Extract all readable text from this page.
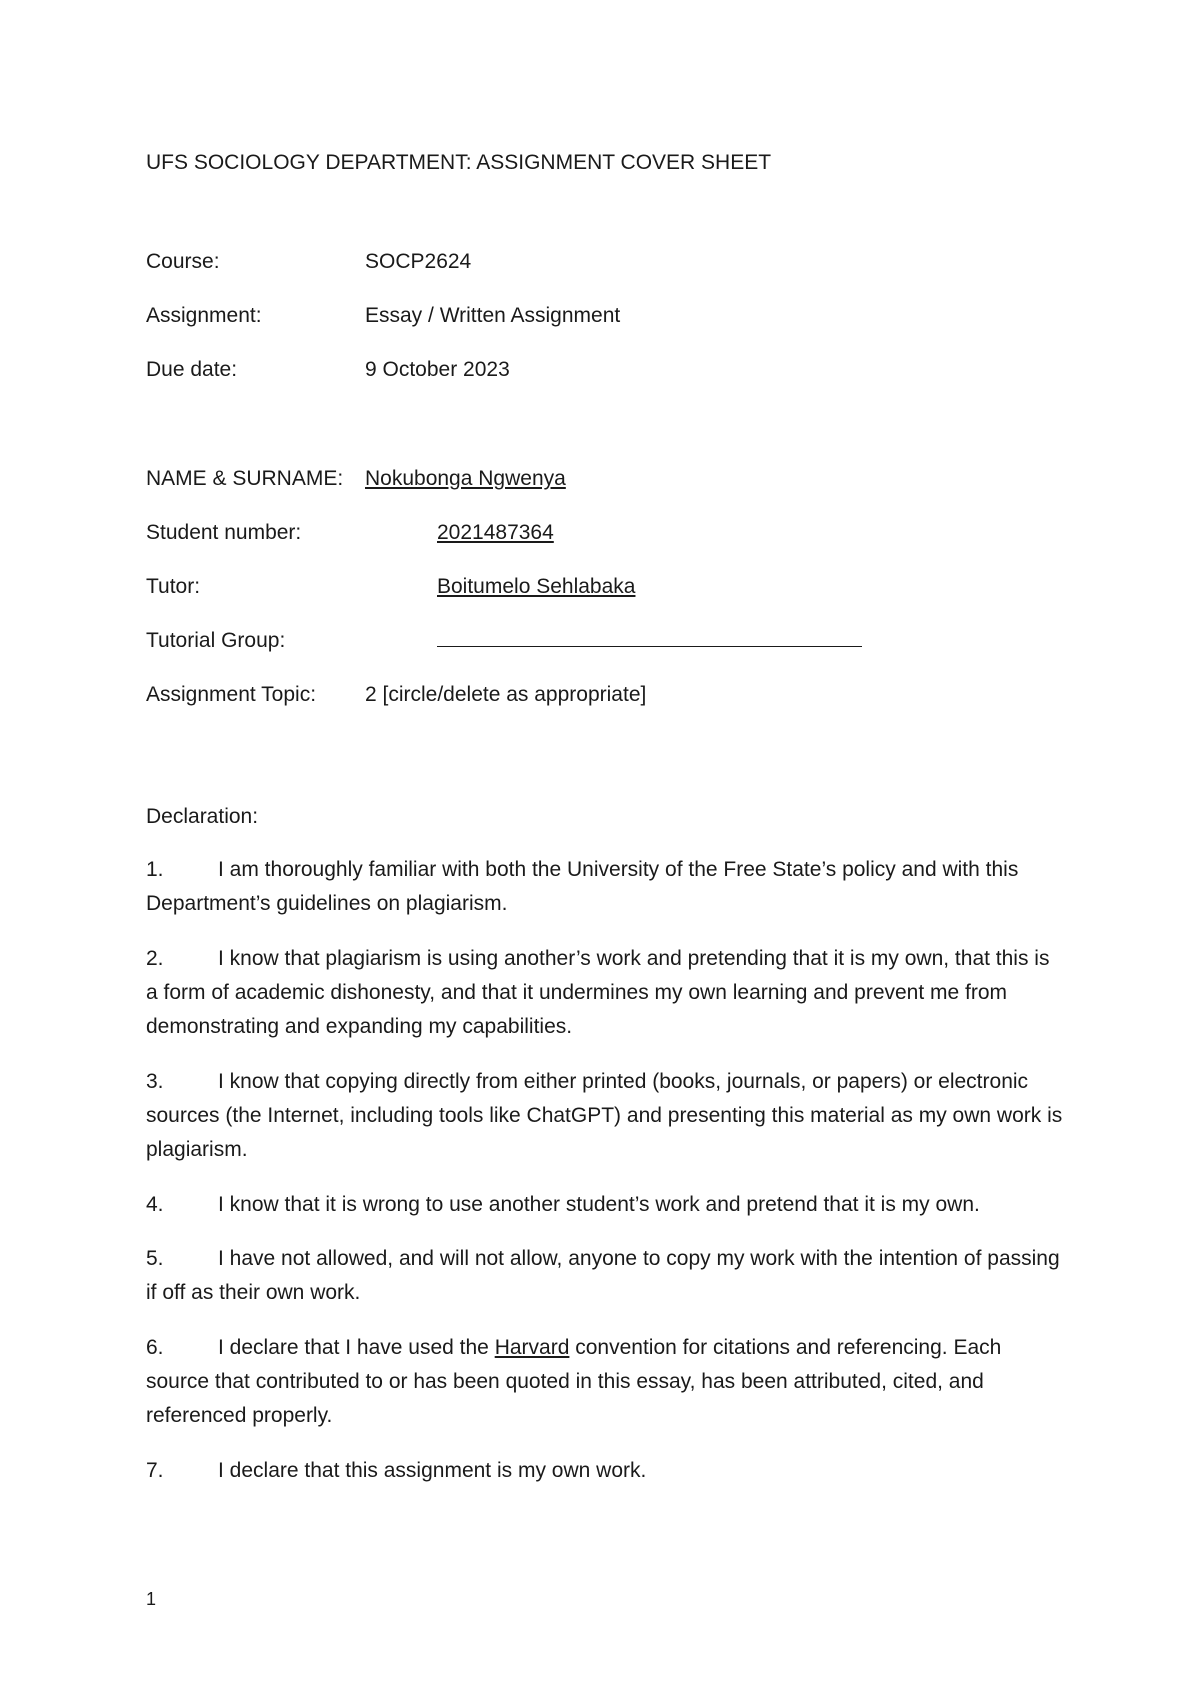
UFS SOCIOLOGY DEPARTMENT: ASSIGNMENT COVER SHEET
Course:	SOCP2624
Assignment:	Essay / Written Assignment
Due date:	9 October 2023
NAME & SURNAME: Nokubonga Ngwenya
Student number:	2021487364
Tutor:	Boitumelo Sehlabaka
Tutorial Group:
Assignment Topic: 2 [circle/delete as appropriate]
Declaration:

1.	I am thoroughly familiar with both the University of the Free State’s policy and with this Department’s guidelines on plagiarism.

2.	I know that plagiarism is using another’s work and pretending that it is my own, that this is a form of academic dishonesty, and that it undermines my own learning and prevent me from demonstrating and expanding my capabilities.

3.	I know that copying directly from either printed (books, journals, or papers) or electronic sources (the Internet, including tools like ChatGPT) and presenting this material as my own work is plagiarism.

4.	I know that it is wrong to use another student’s work and pretend that it is my own.

5.	I have not allowed, and will not allow, anyone to copy my work with the intention of passing if off as their own work.

6.	I declare that I have used the Harvard convention for citations and referencing. Each source that contributed to or has been quoted in this essay, has been attributed, cited, and referenced properly.

7.	I declare that this assignment is my own work.

1
